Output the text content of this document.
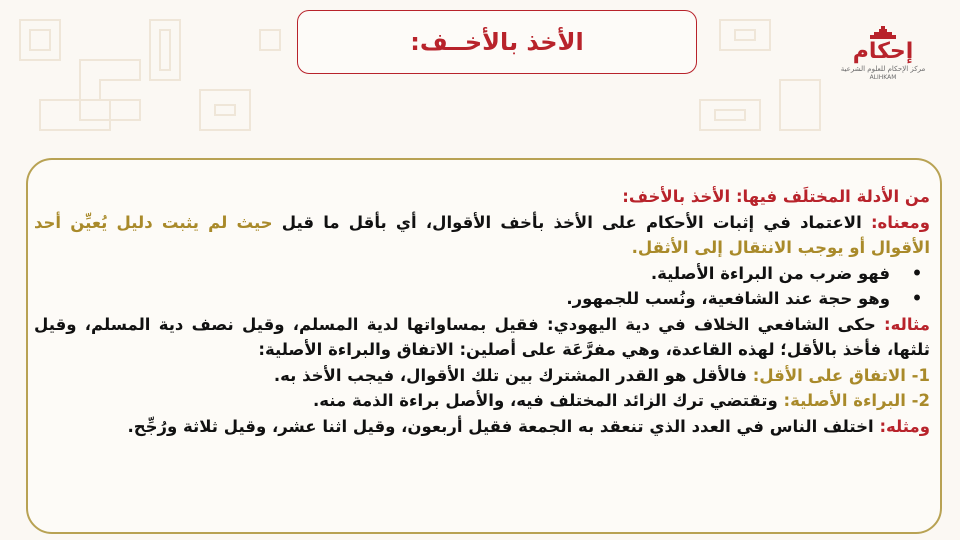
الأخذ بالأخــف:	إحكام
مركز الإحكام للعلوم الشرعية
ALIHKAM

من الأدلة المختلَف فيها: الأخذ بالأخف:

ومعناه: الاعتماد في إثبات الأحكام على الأخذ بأخف الأقوال، أي بأقل ما قيل حيث لم يثبت دليل يُعيِّن أحد الأقوال أو يوجب الانتقال إلى الأثقل.

•
فهو ضرب من البراءة الأصلية.

•
وهو حجة عند الشافعية، ونُسب للجمهور.

مثاله: حكى الشافعي الخلاف في دية اليهودي: فقيل بمساواتها لدية المسلم، وقيل نصف دية المسلم، وقيل ثلثها، فأخذ بالأقل؛ لهذه القاعدة، وهي مفرَّعَة على أصلين: الاتفاق والبراءة الأصلية:

1- الاتفاق على الأقل: فالأقل هو القدر المشترك بين تلك الأقوال، فيجب الأخذ به.

2- البراءة الأصلية: وتقتضي ترك الزائد المختلف فيه، والأصل براءة الذمة منه.

ومثله: اختلف الناس في العدد الذي تنعقد به الجمعة فقيل أربعون، وقيل اثنا عشر، وقيل ثلاثة ورُجِّح.
